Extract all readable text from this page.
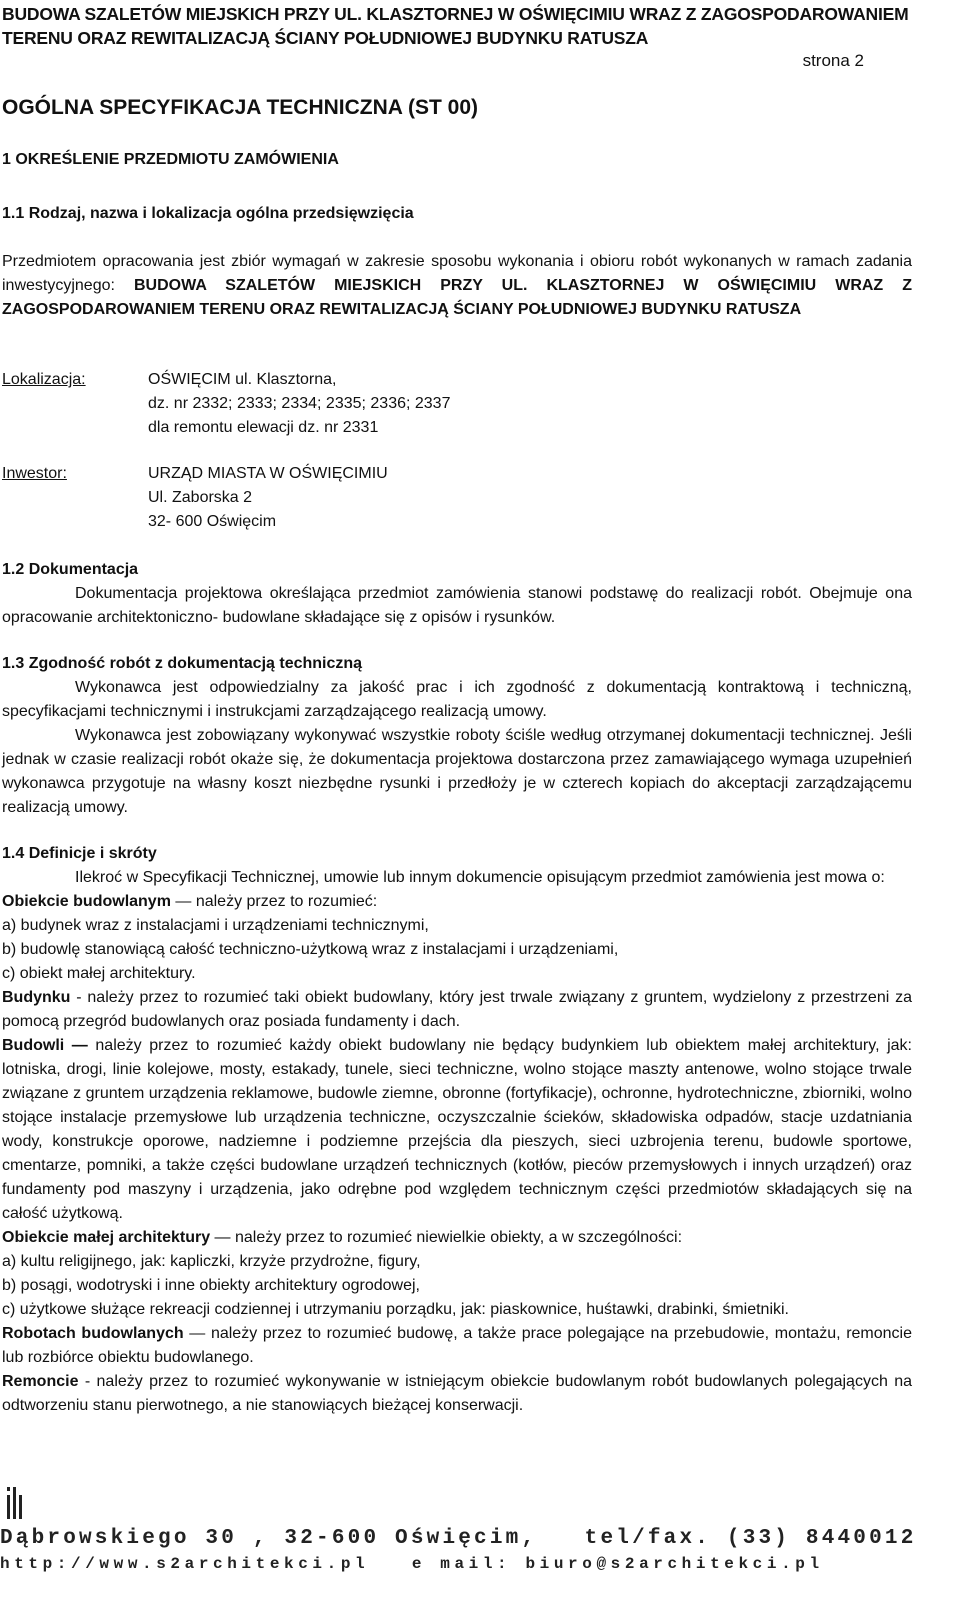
BUDOWA SZALETÓW MIEJSKICH PRZY UL. KLASZTORNEJ W OŚWIĘCIMIU WRAZ Z ZAGOSPODAROWANIEM
TERENU ORAZ REWITALIZACJĄ ŚCIANY POŁUDNIOWEJ BUDYNKU RATUSZA
strona 2
OGÓLNA SPECYFIKACJA TECHNICZNA (ST 00)
1 OKREŚLENIE PRZEDMIOTU ZAMÓWIENIA
1.1 Rodzaj, nazwa i lokalizacja ogólna przedsięwzięcia
Przedmiotem opracowania jest zbiór wymagań w zakresie sposobu wykonania i obioru robót wykonanych w ramach zadania inwestycyjnego: BUDOWA SZALETÓW MIEJSKICH PRZY UL. KLASZTORNEJ W OŚWIĘCIMIU WRAZ Z ZAGOSPODAROWANIEM TERENU ORAZ REWITALIZACJĄ ŚCIANY POŁUDNIOWEJ BUDYNKU RATUSZA
Lokalizacja:	OŚWIĘCIM ul. Klasztorna,
dz. nr 2332; 2333; 2334; 2335; 2336; 2337
dla remontu elewacji dz. nr 2331
Inwestor:	URZĄD MIASTA W OŚWIĘCIMIU
Ul. Zaborska 2
32- 600 Oświęcim
1.2 Dokumentacja
Dokumentacja projektowa określająca przedmiot zamówienia stanowi podstawę do realizacji robót. Obejmuje ona opracowanie architektoniczno- budowlane składające się z opisów i rysunków.
1.3 Zgodność robót z dokumentacją techniczną
Wykonawca jest odpowiedzialny za jakość prac i ich zgodność z dokumentacją kontraktową i techniczną, specyfikacjami technicznymi i instrukcjami zarządzającego realizacją umowy.
Wykonawca jest zobowiązany wykonywać wszystkie roboty ściśle według otrzymanej dokumentacji technicznej. Jeśli jednak w czasie realizacji robót okaże się, że dokumentacja projektowa dostarczona przez zamawiającego wymaga uzupełnień wykonawca przygotuje na własny koszt niezbędne rysunki i przedłoży je w czterech kopiach do akceptacji zarządzającemu realizacją umowy.
1.4 Definicje i skróty

Ilekroć w Specyfikacji Technicznej, umowie lub innym dokumencie opisującym przedmiot zamówienia jest mowa o:

Obiekcie budowlanym — należy przez to rozumieć:

a) budynek wraz z instalacjami i urządzeniami technicznymi,

b) budowlę stanowiącą całość techniczno-użytkową wraz z instalacjami i urządzeniami,

c) obiekt małej architektury.

Budynku - należy przez to rozumieć taki obiekt budowlany, który jest trwale związany z gruntem, wydzielony z przestrzeni za pomocą przegród budowlanych oraz posiada fundamenty i dach.

Budowli — należy przez to rozumieć każdy obiekt budowlany nie będący budynkiem lub obiektem małej architektury, jak: lotniska, drogi, linie kolejowe, mosty, estakady, tunele, sieci techniczne, wolno stojące maszty antenowe, wolno stojące trwale związane z gruntem urządzenia reklamowe, budowle ziemne, obronne (fortyfikacje), ochronne, hydrotechniczne, zbiorniki, wolno stojące instalacje przemysłowe lub urządzenia techniczne, oczyszczalnie ścieków, składowiska odpadów, stacje uzdatniania wody, konstrukcje oporowe, nadziemne i podziemne przejścia dla pieszych, sieci uzbrojenia terenu, budowle sportowe, cmentarze, pomniki, a także części budowlane urządzeń technicznych (kotłów, pieców przemysłowych i innych urządzeń) oraz fundamenty pod maszyny i urządzenia, jako odrębne pod względem technicznym części przedmiotów składających się na całość użytkową.

Obiekcie małej architektury — należy przez to rozumieć niewielkie obiekty, a w szczególności:

a) kultu religijnego, jak: kapliczki, krzyże przydrożne, figury,

b) posągi, wodotryski i inne obiekty architektury ogrodowej,

c) użytkowe służące rekreacji codziennej i utrzymaniu porządku, jak: piaskownice, huśtawki, drabinki, śmietniki.

Robotach budowlanych — należy przez to rozumieć budowę, a także prace polegające na przebudowie, montażu, remoncie lub rozbiórce obiektu budowlanego.

Remoncie - należy przez to rozumieć wykonywanie w istniejącym obiekcie budowlanym robót budowlanych polegających na odtworzeniu stanu pierwotnego, a nie stanowiących bieżącej konserwacji.

Dąbrowskiego 30 , 32-600 Oświęcim,   tel/fax. (33) 8440012
http://www.s2architekci.pl   e mail: biuro@s2architekci.pl
